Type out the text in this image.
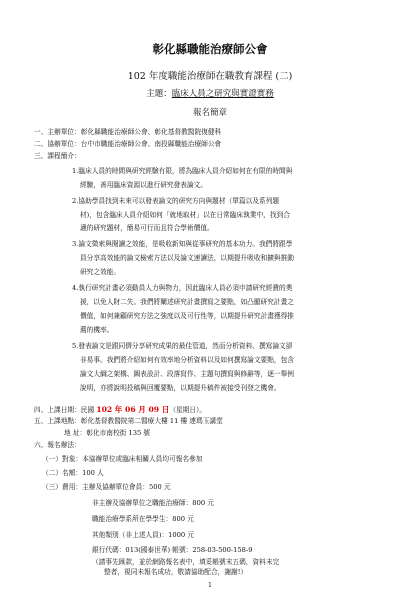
彰化縣職能治療師公會
102 年度職能治療師在職教育課程 (二)
主題：臨床人員之研究與實證實務
報名簡章
一、主辦單位：彰化縣職能治療師公會、彰化基督教醫院復健科
二、協辦單位：台中市職能治療師公會、南投縣職能治療師公會
三、課程簡介：
1.臨床人員的時間與研究經驗有限，將為臨床人員介紹如何在有限的時間與
經驗，善用臨床資源以進行研究發表論文。
2.協助學員找到未來可以發表論文的研究方向與題材（單篇以及系列題
材)，包含臨床人員介紹如何「就地取材」以在日常臨床執業中，找到合
適的研究題材，簡易可行而且符合學術價值。
3.論文徵索與閱讀之效能，是吸收新知與從事研究的基本功力。我們將跟學
員分享高效能的論文檢索方法以及論文速讀法，以期提升吸收和擴與推動
研究之效能。
4.執行研究計畫必須動員人力與物力，因此臨床人員必須申請研究經費的奧
援，以免人財二失。我們將闡述研究計畫撰寫之要點，如凸顯研究計畫之
價值，如何兼顧研究方法之強度以及可行性等，以期提升研究計畫獲得推
薦的機率。
5.發表論文是跟同儕分享研究成果的最佳管道，然而分析資料、撰寫論文卻
非易事。我們將介紹如何有效率地分析資料以及如何撰寫論文要點，包含
論文大綱之架構、圖表設計、段落寫作、主題句撰寫與修辭等，逐一舉例
說明，亦將說明投稿與回覆要點，以期提升稿件被接受刊登之機會。
四、上課日期：民國 102 年 06 月 09 日（星期日）。
五、上課地點：彰化基督教醫院第二醫療大樓 11 樓 連瑪玉講堂
地 址：彰化市南校街 135 號
六、報名辦法：
（一）對象：本協辦單位或臨床相關人員均可報名參加
（二）名額：100 人
（三）費用：主辦及協辦單位會員：500 元
非主辦及協辦單位之職能治療師：800 元
職能治療學系所在學學生：800 元
其他類別（非上述人員)：1000 元
銀行代碼：013(國泰世華) 帳號：258-03-500-158-9
（請事先匯款，並於網路報名表中，填妥帳號末五碼，資料未完
整者，視同未報名成功，敬請協助配合，謝謝!）
1
